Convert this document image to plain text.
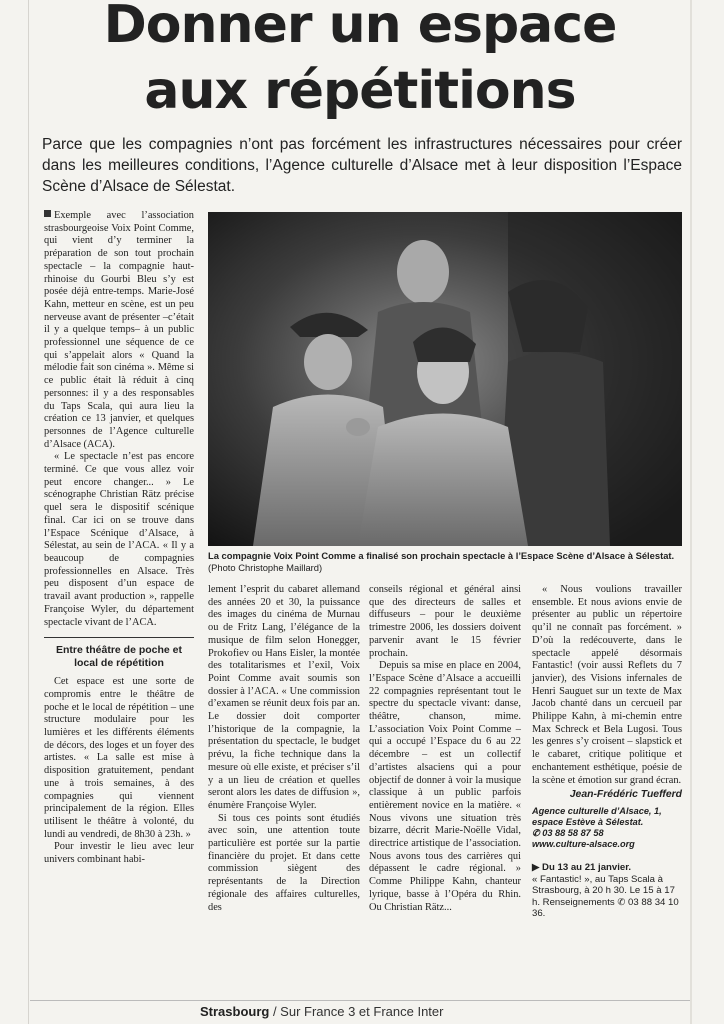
Donner un espace
aux répétitions

Parce que les compagnies n’ont pas forcément les infrastructures nécessaires pour créer dans les meilleures conditions, l’Agence culturelle d’Alsace met à leur disposition l’Espace Scène d’Alsace de Sélestat.

Exemple avec l’association strasbourgeoise Voix Point Comme, qui vient d’y terminer la préparation de son tout prochain spectacle – la compagnie haut-rhinoise du Gourbi Bleu s’y est posée déjà entre-temps. Marie-José Kahn, metteur en scène, est un peu nerveuse avant de présenter –c’était il y a quelque temps– à un public professionnel une séquence de ce qui s’appelait alors « Quand la mélodie fait son cinéma ». Même si ce public était là réduit à cinq personnes: il y a des responsables du Taps Scala, qui aura lieu la création ce 13 janvier, et quelques personnes de l’Agence culturelle d’Alsace (ACA).

« Le spectacle n’est pas encore terminé. Ce que vous allez voir peut encore changer... » Le scénographe Christian Rätz précise quel sera le dispositif scénique final. Car ici on se trouve dans l’Espace Scénique d’Alsace, à Sélestat, au sein de l’ACA. « Il y a beaucoup de compagnies professionnelles en Alsace. Très peu disposent d’un espace de travail avant production », rappelle Françoise Wyler, du département spectacle vivant de l’ACA.

Entre théâtre de poche et local de répétition

Cet espace est une sorte de compromis entre le théâtre de poche et le local de répétition – une structure modulaire pour les lumières et les différents éléments de décors, des loges et un foyer des artistes. « La salle est mise à disposition gratuitement, pendant une à trois semaines, à des compagnies qui viennent principalement de la région. Elles utilisent le théâtre à volonté, du lundi au vendredi, de 8h30 à 23h. »

Pour investir le lieu avec leur univers combinant habi-

La compagnie Voix Point Comme a finalisé son prochain spectacle à l’Espace Scène d’Alsace à Sélestat.
(Photo Christophe Maillard)

lement l’esprit du cabaret allemand des années 20 et 30, la puissance des images du cinéma de Murnau ou de Fritz Lang, l’élégance de la musique de film selon Honegger, Prokofiev ou Hans Eisler, la montée des totalitarismes et l’exil, Voix Point Comme avait soumis son dossier à l’ACA. « Une commission d’examen se réunit deux fois par an. Le dossier doit comporter l’historique de la compagnie, la présentation du spectacle, le budget prévu, la fiche technique dans la mesure où elle existe, et préciser s’il y a un lieu de création et quelles seront alors les dates de diffusion », énumère Françoise Wyler.

Si tous ces points sont étudiés avec soin, une attention toute particulière est portée sur la partie financière du projet. Et dans cette commission siègent des représentants de la Direction régionale des affaires culturelles, des

conseils régional et général ainsi que des directeurs de salles et diffuseurs – pour le deuxième trimestre 2006, les dossiers doivent parvenir avant le 15 février prochain.

Depuis sa mise en place en 2004, l’Espace Scène d’Alsace a accueilli 22 compagnies représentant tout le spectre du spectacle vivant: danse, théâtre, chanson, mime. L’association Voix Point Comme – qui a occupé l’Espace du 6 au 22 décembre – est un collectif d’artistes alsaciens qui a pour objectif de donner à voir la musique classique à un public parfois entièrement novice en la matière. « Nous vivons une situation très bizarre, décrit Marie-Noëlle Vidal, directrice artistique de l’association. Nous avons tous des carrières qui dépassent le cadre régional. » Comme Philippe Kahn, chanteur lyrique, basse à l’Opéra du Rhin. Ou Christian Rätz...

« Nous voulions travailler ensemble. Et nous avions envie de présenter au public un répertoire qu’il ne connaît pas forcément. » D’où la redécouverte, dans le spectacle appelé désormais Fantastic! (voir aussi Reflets du 7 janvier), des Visions infernales de Henri Sauguet sur un texte de Max Jacob chanté dans un cercueil par Philippe Kahn, à mi-chemin entre Max Schreck et Bela Lugosi. Tous les genres s’y croisent – slapstick et le cabaret, critique politique et enchantement esthétique, poésie de la scène et émotion sur grand écran.

Jean-Frédéric Tuefferd
Agence culturelle d’Alsace, 1, espace Estève à Sélestat.
✆ 03 88 58 87 58
www.culture-alsace.org
▶ Du 13 au 21 janvier.
« Fantastic! », au Taps Scala à Strasbourg, à 20 h 30. Le 15 à 17 h. Renseignements ✆ 03 88 34 10 36.
Strasbourg / Sur France 3 et France Inter
